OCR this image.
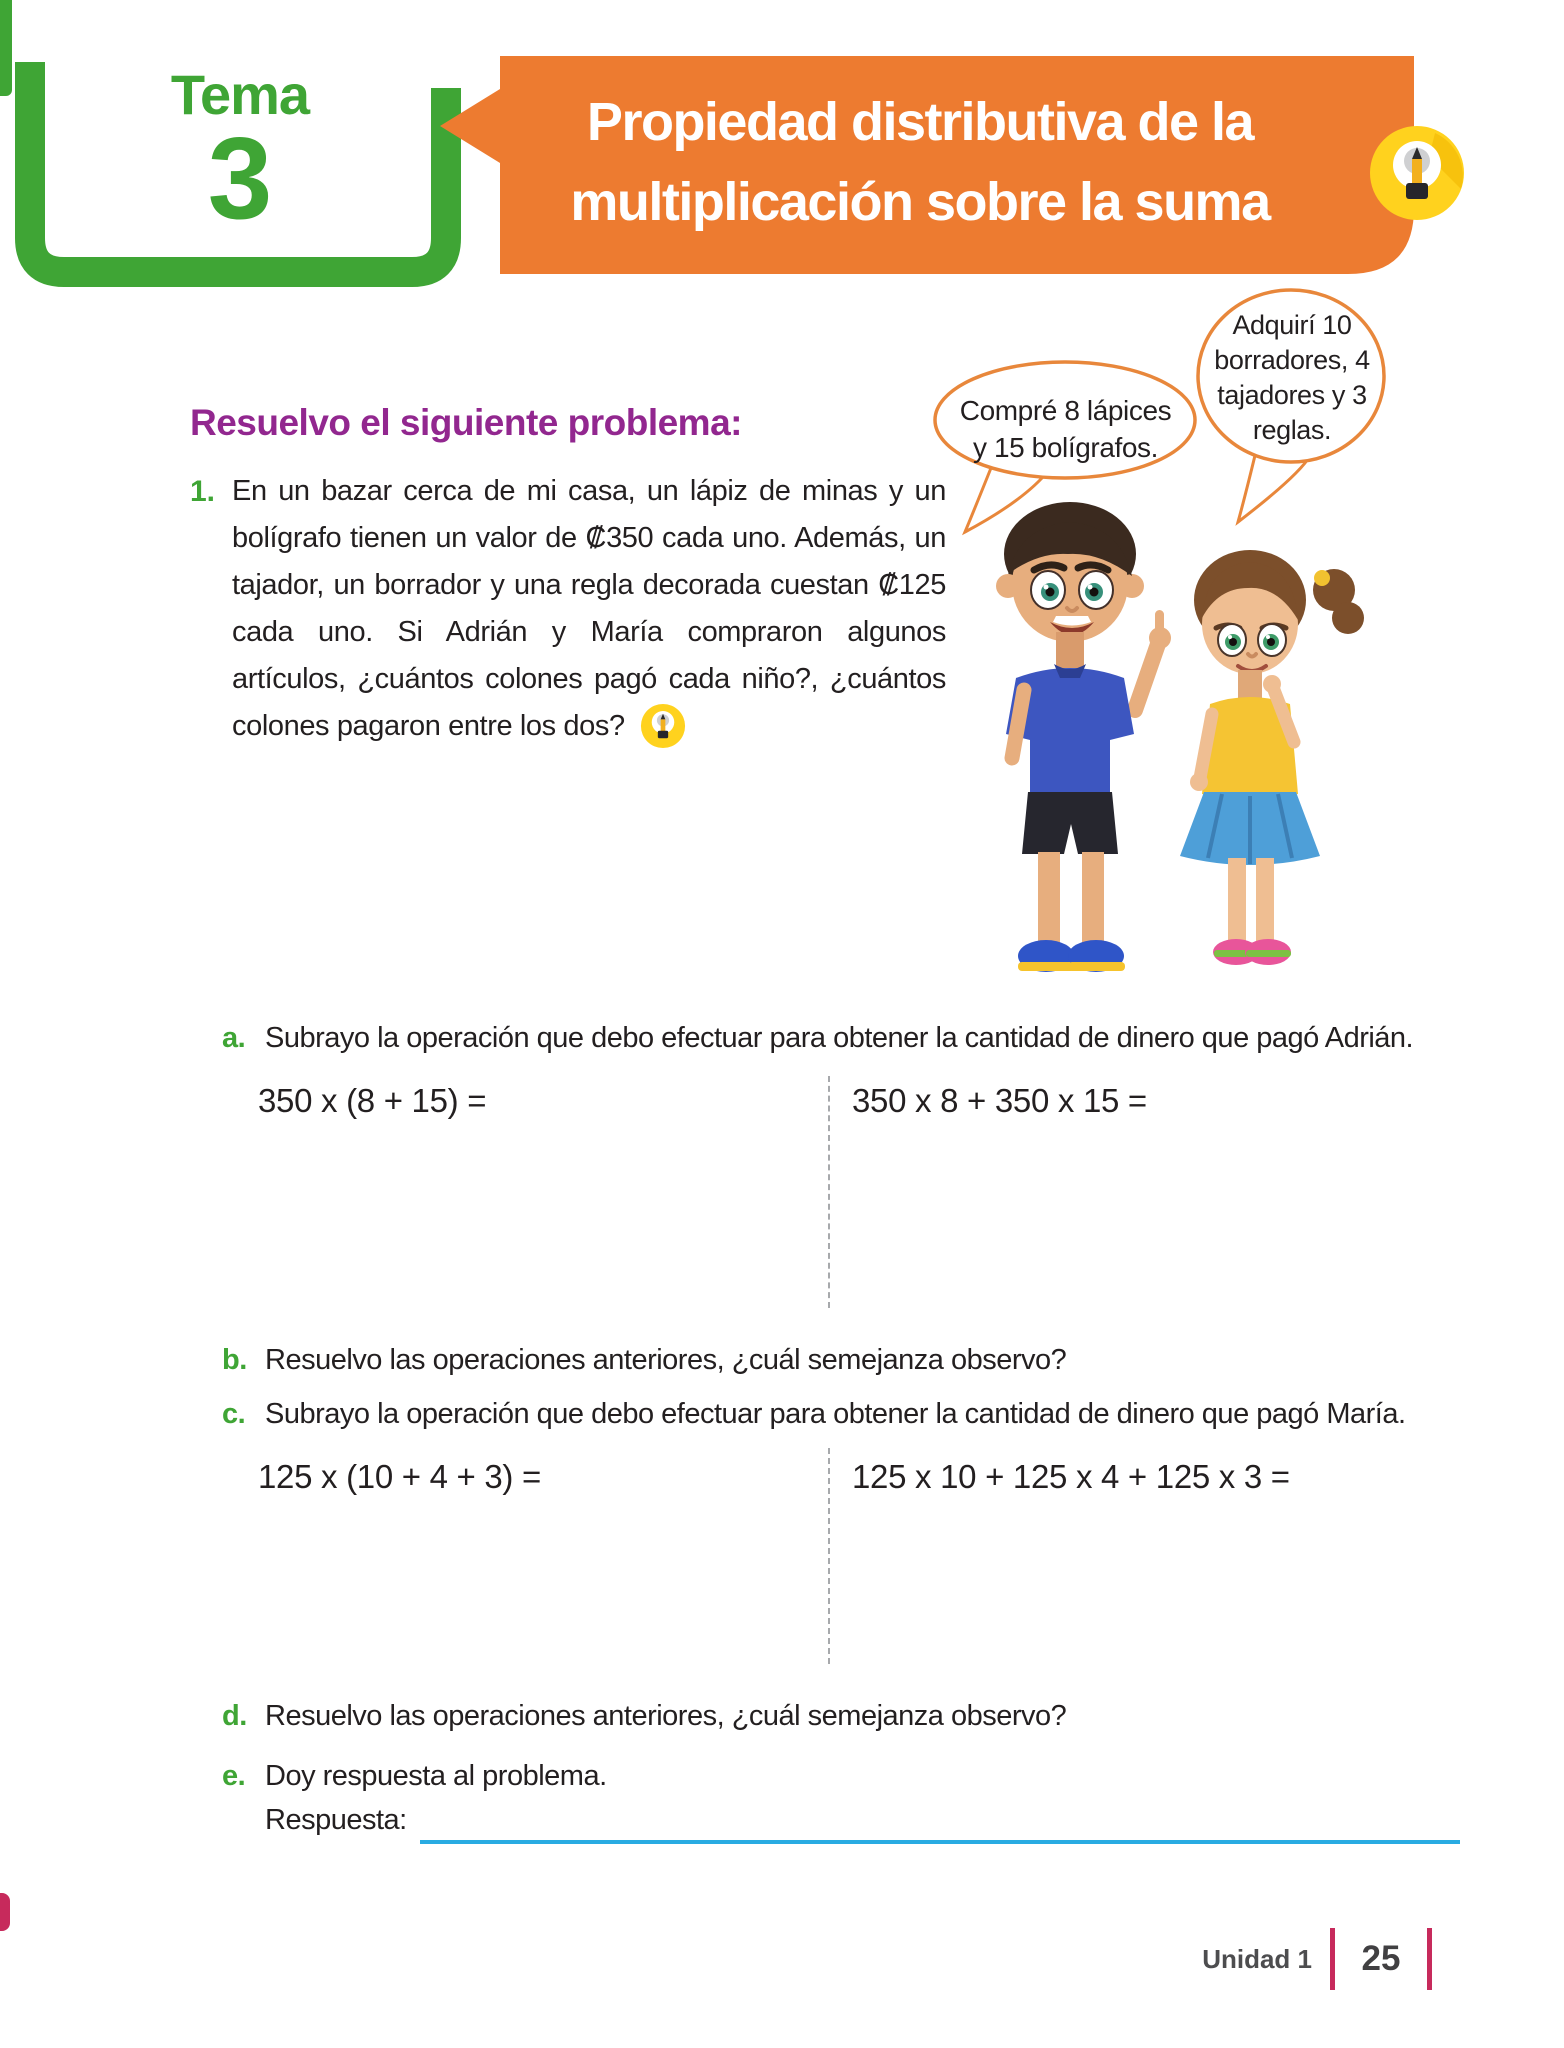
Tema
3	Propiedad distributiva de la
multiplicación sobre la suma
Compré 8 lápices
y 15 bolígrafos.
Adquirí 10
borradores, 4
tajadores y 3
reglas.
Resuelvo el siguiente problema:
1. En un bazar cerca de mi casa, un lápiz de minas y un bolígrafo tienen un valor de ₡350 cada uno. Además, un tajador, un borrador y una regla decorada cuestan ₡125 cada uno. Si Adrián y María compraron algunos artículos, ¿cuántos colones pagó cada niño?, ¿cuántos colones pagaron entre los dos?
a. Subrayo la operación que debo efectuar para obtener la cantidad de dinero que pagó Adrián.
350 x (8 + 15) =	350 x 8 + 350 x 15 =
b. Resuelvo las operaciones anteriores, ¿cuál semejanza observo?
c. Subrayo la operación que debo efectuar para obtener la cantidad de dinero que pagó María.
125 x (10 + 4 + 3) =	125 x 10 + 125 x 4 + 125 x 3 =
d. Resuelvo las operaciones anteriores, ¿cuál semejanza observo?
e. Doy respuesta al problema.
Respuesta:
Unidad 1	25
